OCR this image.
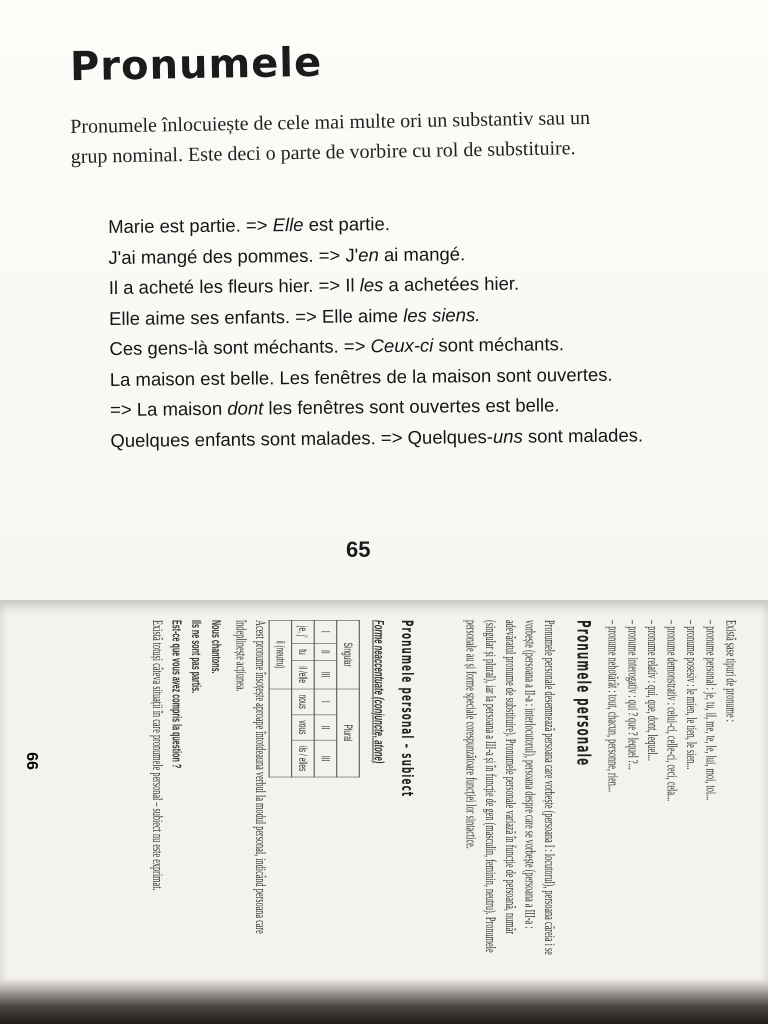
Pronumele

Pronumele înlocuiește de cele mai multe ori un substantiv sau un grup nominal. Este deci o parte de vorbire cu rol de substituire.

Marie est partie. => Elle est partie.
J'ai mangé des pommes. => J'en ai mangé.
Il a acheté les fleurs hier. => Il les a achetées hier.
Elle aime ses enfants. => Elle aime les siens.
Ces gens-là sont méchants. => Ceux-ci sont méchants.
La maison est belle. Les fenêtres de la maison sont ouvertes.
=> La maison dont les fenêtres sont ouvertes est belle.
Quelques enfants sont malades. => Quelques-uns sont malades.
65
Există șase tipuri de pronume :
– pronume personal : je, tu, il, me, te, le, lui, moi, toi...
– pronume posesiv : le mien, le tien, le sien...
– pronume demonstrativ : celui-ci, celle-ci, ceci, cela...
– pronume relativ : qui, que, dont, lequel...
– pronume interogativ : qui ? que ? lequel ?...
– pronume nehotărât : tout, chacun, personne, rien...
Pronumele personale

Pronumele personale desemnează persoana care vorbește (persoana I : locutorul), persoana căreia i se vorbește (persoana a II-a : interlocutorul), persoana despre care se vorbește (persoana a III-a : adevăratul pronume de substituire). Pronumele personale variază în funcție de persoană, număr (singular și plural), iar la persoana a III-a și în funcție de gen (masculin, feminin, neutru). Pronumele personale au și forme speciale corespunzătoare funcției lor sintactice.

Pronumele personal – subiect
Forme neaccentuate (conjuncte, atone)
Singular			Plural		
I	II	III	I	II	III
je, j'	tu	il /elle	nous	vous	ils / elles
il (neutru)					

Acest pronume însoțește aproape întotdeauna verbul la modul personal, indicând persoana care îndeplinește acțiunea.

Nous chantons.
Ils ne sont pas partis.
Est-ce que vous avez compris la question ?

Există totuși câteva situații în care pronumele personal – subiect nu este exprimat.

66
